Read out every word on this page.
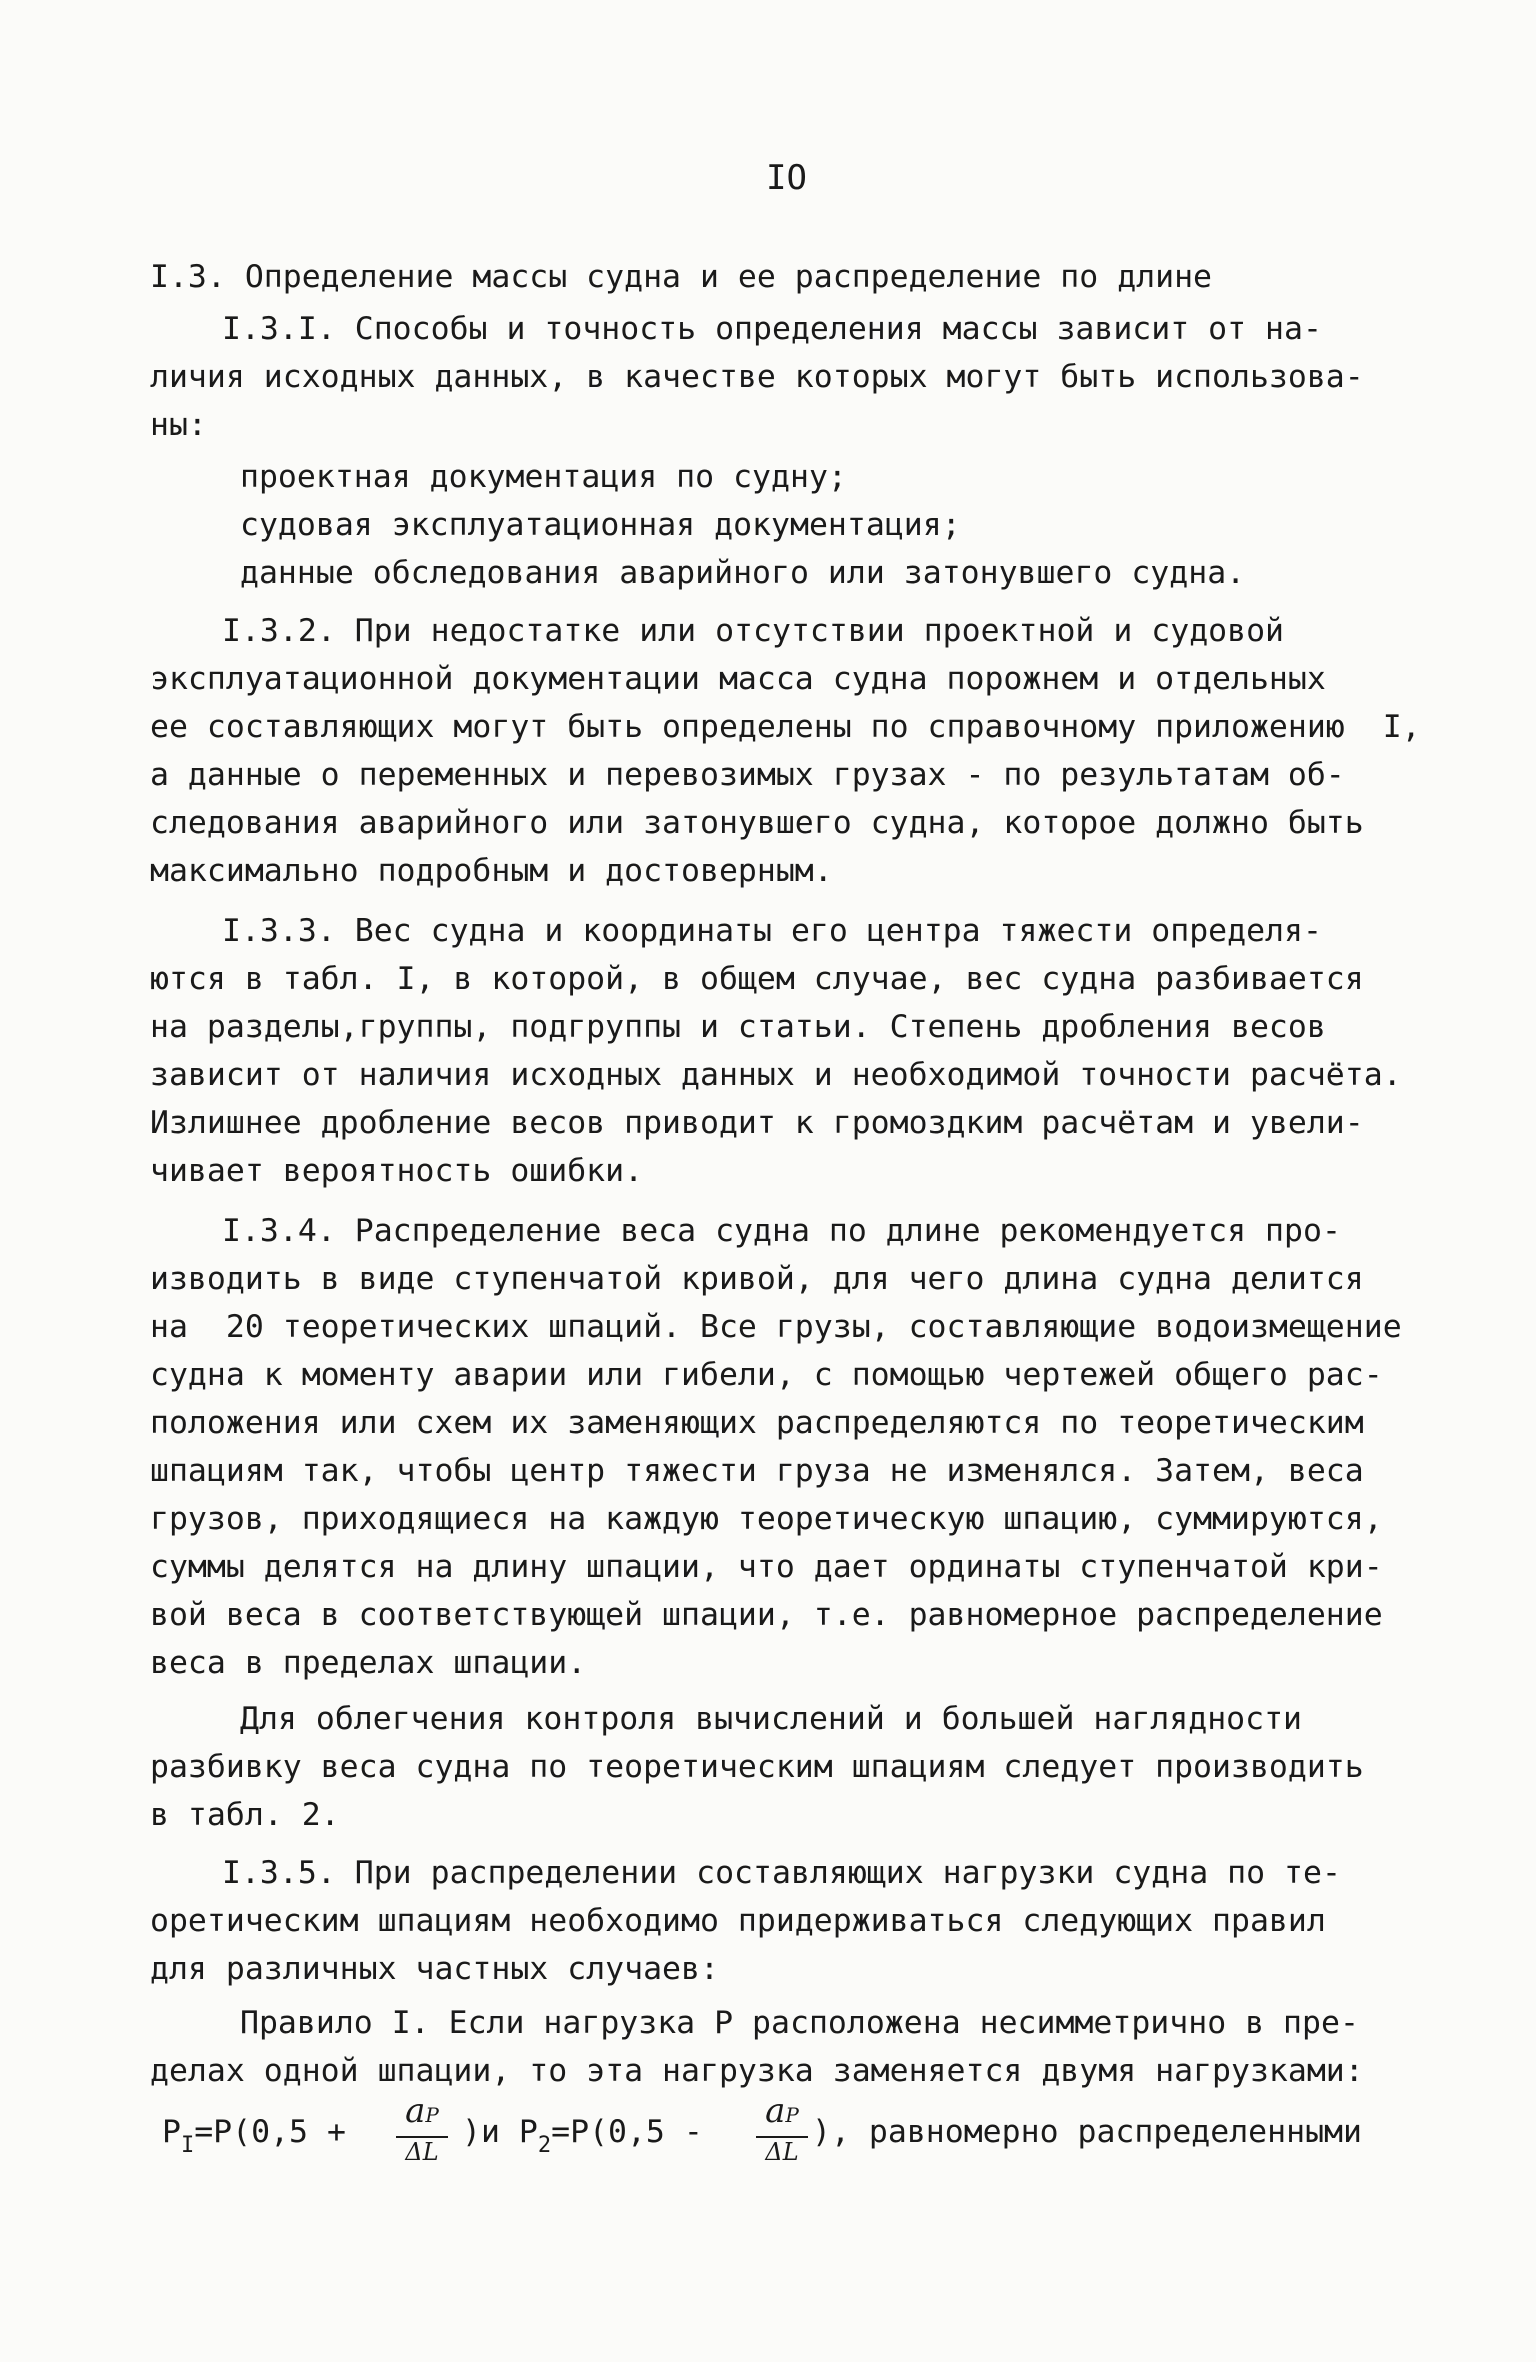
IO
I.3. Определение массы судна и ее распределение по длине
I.3.I. Способы и точность определения массы зависит от на-
личия исходных данных, в качестве которых могут быть использова-
ны:
проектная документация по судну;
судовая эксплуатационная документация;
данные обследования аварийного или затонувшего судна.
I.3.2. При недостатке или отсутствии проектной и судовой
эксплуатационной документации масса судна порожнем и отдельных
ее составляющих могут быть определены по справочному приложению  I,
а данные о переменных и перевозимых грузах - по результатам об-
следования аварийного или затонувшего судна, которое должно быть
максимально подробным и достоверным.
I.3.3. Вес судна и координаты его центра тяжести определя-
ются в табл. I, в которой, в общем случае, вес судна разбивается
на разделы,группы, подгруппы и статьи. Степень дробления весов
зависит от наличия исходных данных и необходимой точности расчёта.
Излишнее дробление весов приводит к громоздким расчётам и увели-
чивает вероятность ошибки.
I.3.4. Распределение веса судна по длине рекомендуется про-
изводить в виде ступенчатой кривой, для чего длина судна делится
на  20 теоретических шпаций. Все грузы, составляющие водоизмещение
судна к моменту аварии или гибели, с помощью чертежей общего рас-
положения или схем их заменяющих распределяются по теоретическим
шпациям так, чтобы центр тяжести груза не изменялся. Затем, веса
грузов, приходящиеся на каждую теоретическую шпацию, суммируются,
суммы делятся на длину шпации, что дает ординаты ступенчатой кри-
вой веса в соответствующей шпации, т.е. равномерное распределение
веса в пределах шпации.
Для облегчения контроля вычислений и большей наглядности
разбивку веса судна по теоретическим шпациям следует производить
в табл. 2.
I.3.5. При распределении составляющих нагрузки судна по те-
оретическим шпациям необходимо придерживаться следующих правил
для различных частных случаев:
Правило I. Если нагрузка P расположена несимметрично в пре-
делах одной шпации, то эта нагрузка заменяется двумя нагрузками:
$P_I=P(0,5$ +
aP
ΔL
)и $P_2=P(0,5$ -
aP
ΔL
), равномерно распределенными
